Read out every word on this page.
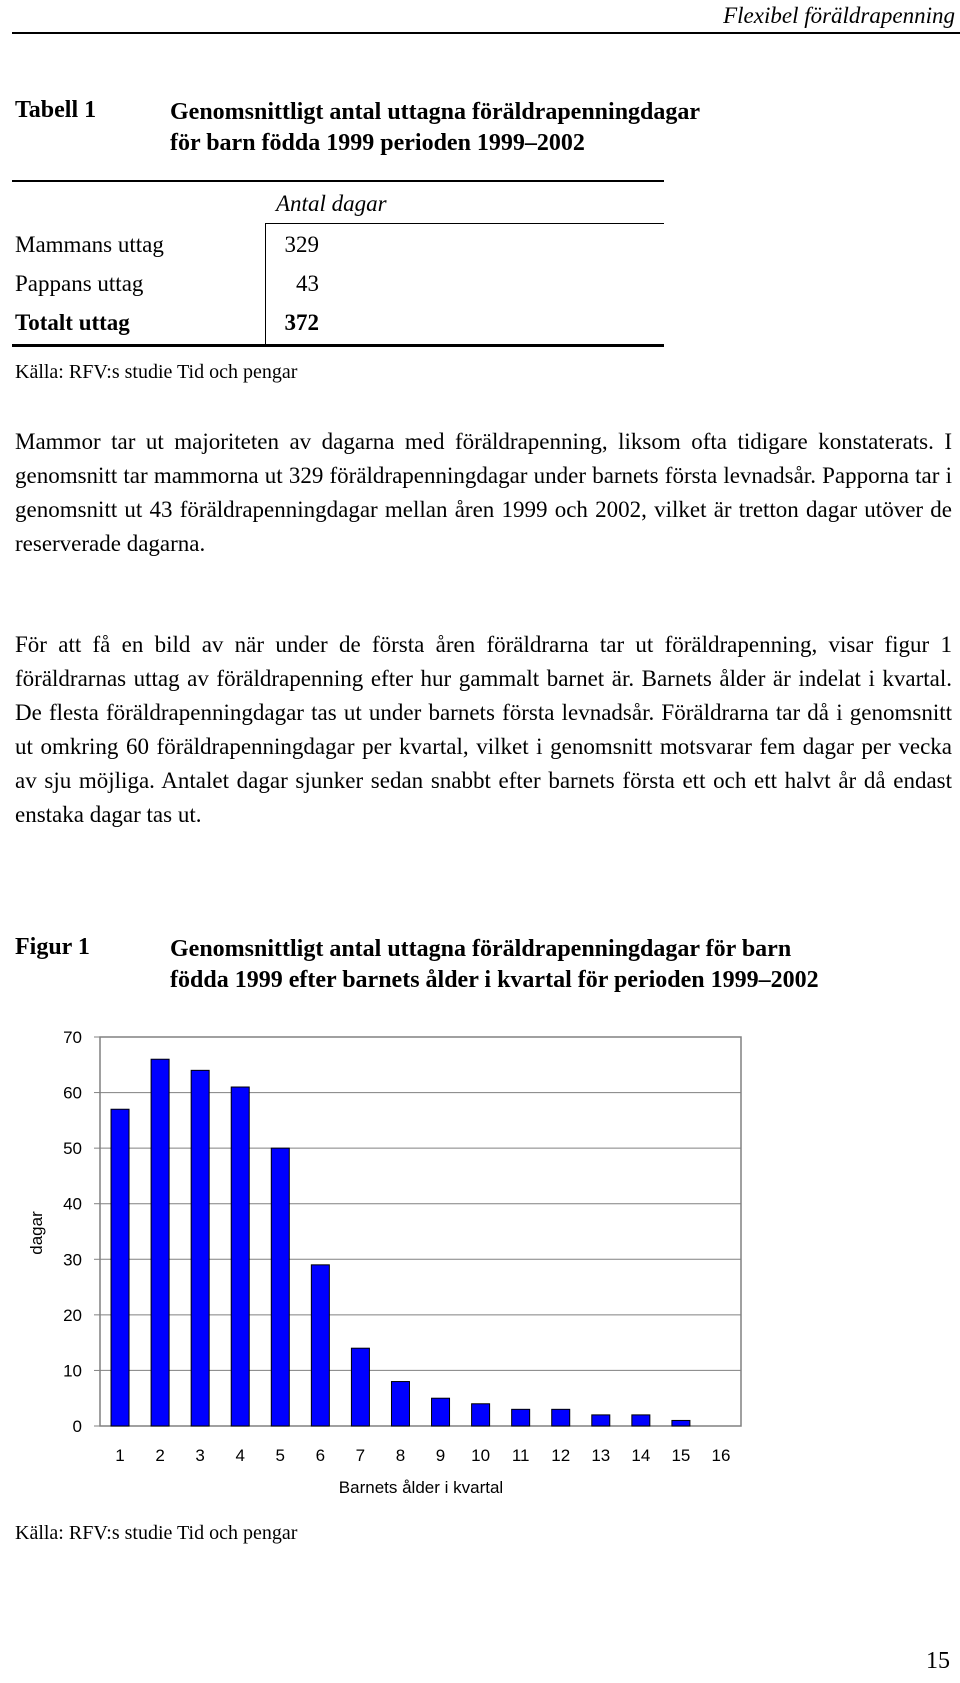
Flexibel föräldrapenning
Tabell 1	Genomsnittligt antal uttagna föräldrapenningdagar
för barn födda 1999 perioden 1999–2002
Antal dagar
Mammans uttag	329
Pappans uttag	43
Totalt uttag	372
Källa: RFV:s studie Tid och pengar

Mammor tar ut majoriteten av dagarna med föräldrapenning, liksom ofta tidigare konstaterats. I genomsnitt tar mammorna ut 329 föräldrapenningdagar under barnets första levnadsår. Papporna tar i genomsnitt ut 43 föräldrapenningdagar mellan åren 1999 och 2002, vilket är tretton dagar utöver de reserverade dagarna.

För att få en bild av när under de första åren föräldrarna tar ut föräldrapenning, visar figur 1 föräldrarnas uttag av föräldrapenning efter hur gammalt barnet är. Barnets ålder är indelat i kvartal. De flesta föräldrapenningdagar tas ut under barnets första levnadsår. Föräldrarna tar då i genomsnitt ut omkring 60 föräldrapenningdagar per kvartal, vilket i genomsnitt motsvarar fem dagar per vecka av sju möjliga. Antalet dagar sjunker sedan snabbt efter barnets första ett och ett halvt år då endast enstaka dagar tas ut.

Figur 1	Genomsnittligt antal uttagna föräldrapenningdagar för barn
födda 1999 efter barnets ålder i kvartal för perioden 1999–2002
0
10
20
30
40
50
60
70
1 2 3 4 5 6 7 8 9 10 11 12 13 14 15 16
dagar
Barnets ålder i kvartal
Källa: RFV:s studie Tid och pengar
15
